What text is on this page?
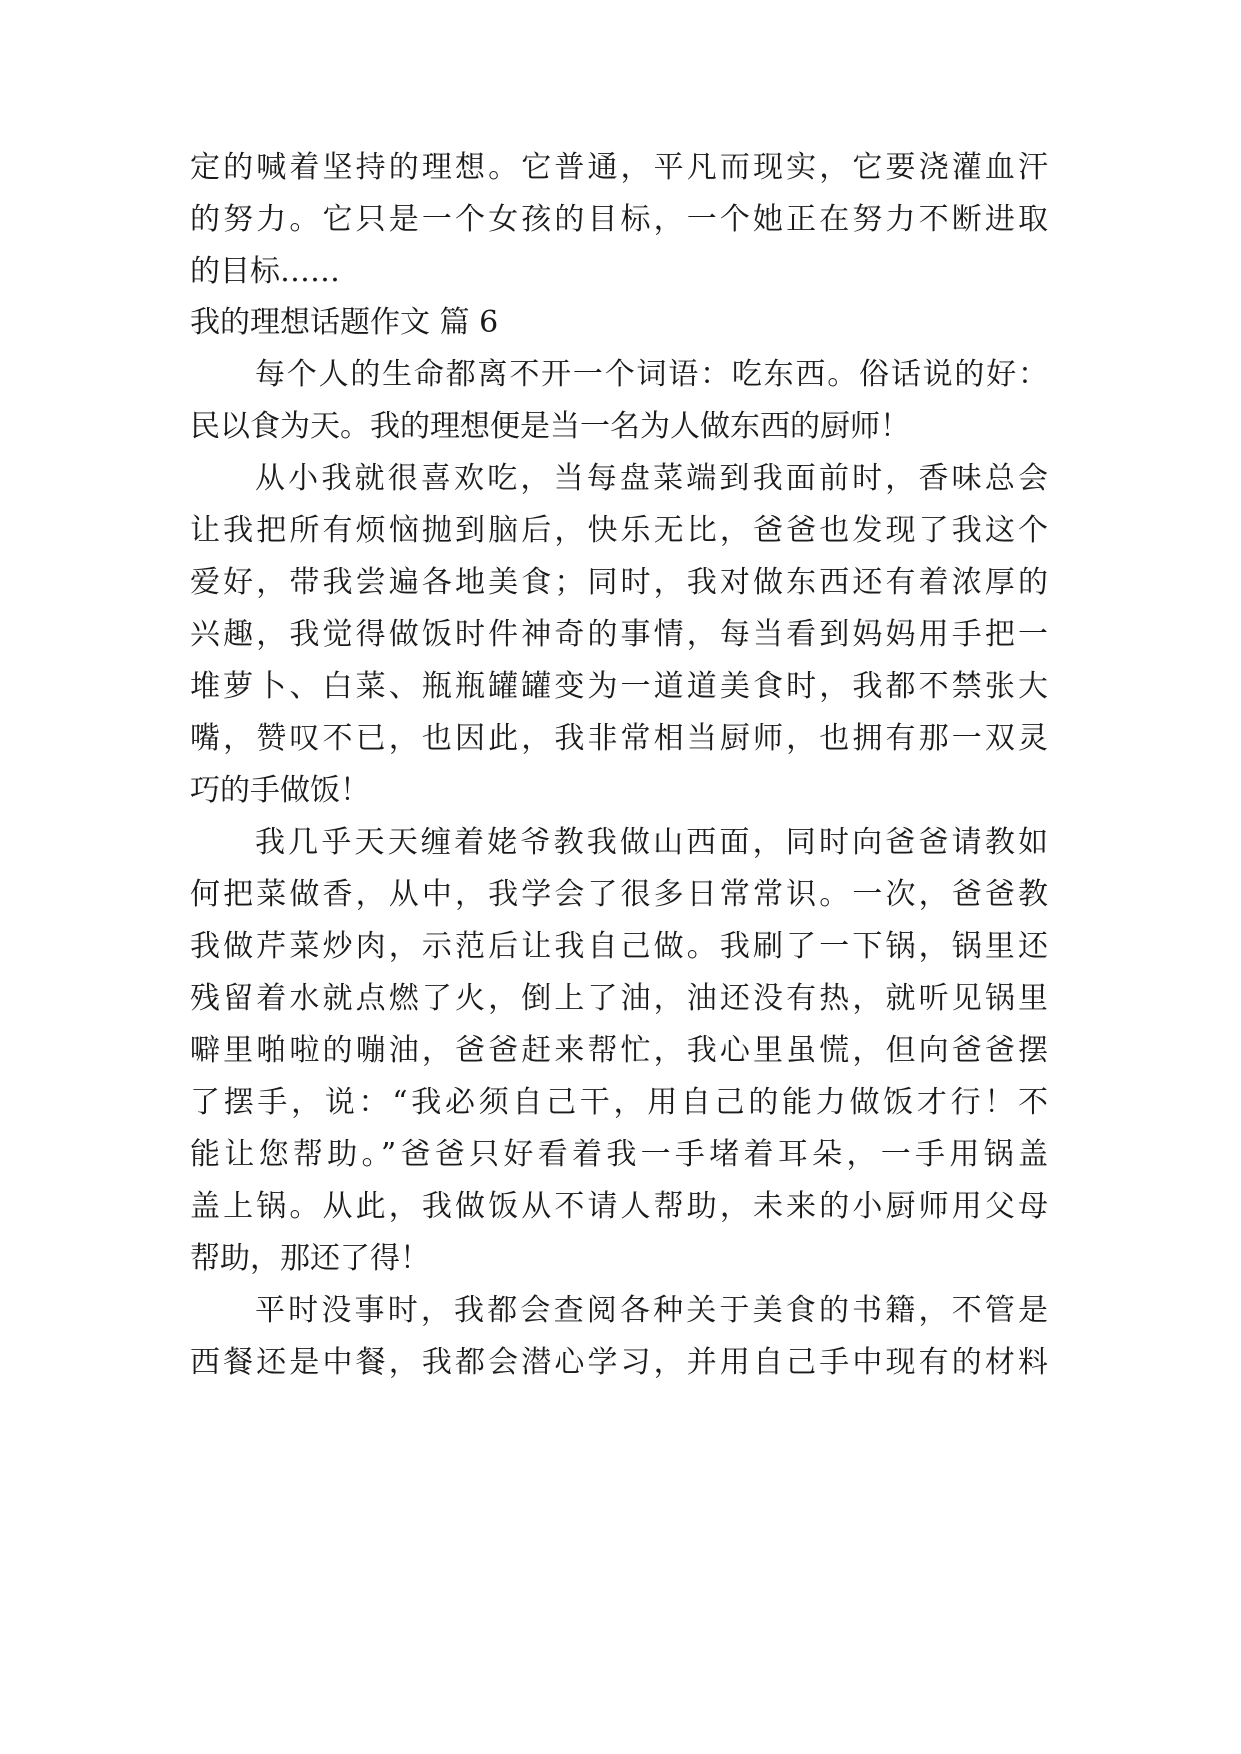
定的喊着坚持的理想。它普通，平凡而现实，它要浇灌血汗
的努力。它只是一个女孩的目标，一个她正在努力不断进取
的目标……
我的理想话题作文 篇 6
每个人的生命都离不开一个词语：吃东西。俗话说的好：
民以食为天。我的理想便是当一名为人做东西的厨师！
从小我就很喜欢吃，当每盘菜端到我面前时，香味总会
让我把所有烦恼抛到脑后，快乐无比，爸爸也发现了我这个
爱好，带我尝遍各地美食；同时，我对做东西还有着浓厚的
兴趣，我觉得做饭时件神奇的事情，每当看到妈妈用手把一
堆萝卜、白菜、瓶瓶罐罐变为一道道美食时，我都不禁张大
嘴，赞叹不已，也因此，我非常相当厨师，也拥有那一双灵
巧的手做饭！
我几乎天天缠着姥爷教我做山西面，同时向爸爸请教如
何把菜做香，从中，我学会了很多日常常识。一次，爸爸教
我做芹菜炒肉，示范后让我自己做。我刷了一下锅，锅里还
残留着水就点燃了火，倒上了油，油还没有热，就听见锅里
噼里啪啦的嘣油，爸爸赶来帮忙，我心里虽慌，但向爸爸摆
了摆手，说：“我必须自己干，用自己的能力做饭才行！不
能让您帮助。”爸爸只好看着我一手堵着耳朵，一手用锅盖
盖上锅。从此，我做饭从不请人帮助，未来的小厨师用父母
帮助，那还了得！
平时没事时，我都会查阅各种关于美食的书籍，不管是
西餐还是中餐，我都会潜心学习，并用自己手中现有的材料
